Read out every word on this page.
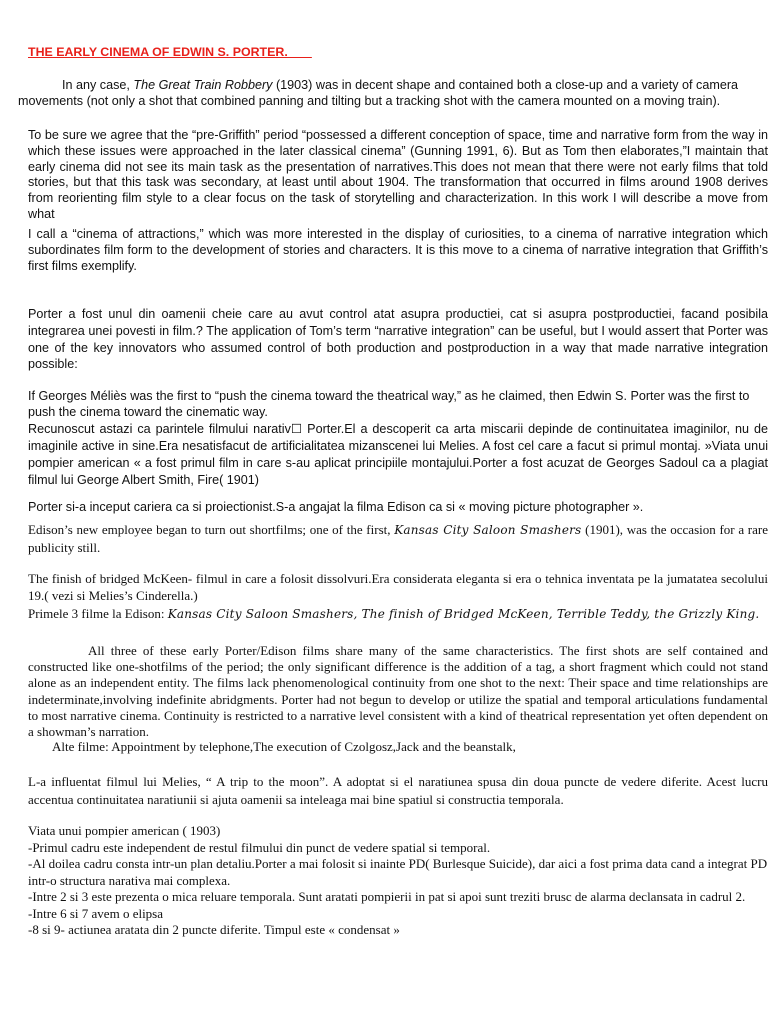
THE EARLY CINEMA OF EDWIN S. PORTER.

In any case, The Great Train Robbery (1903) was in decent shape and contained both a close-up and a variety of camera movements (not only a shot that combined panning and tilting but a tracking shot with the camera mounted on a moving train).

To be sure we agree that the “pre-Griffith” period “possessed a different conception of space, time and narrative form from the way in which these issues were approached in the later classical cinema” (Gunning 1991, 6). But as Tom then elaborates,”I maintain that early cinema did not see its main task as the presentation of narratives.This does not mean that there were not early films that told stories, but that this task was secondary, at least until about 1904. The transformation that occurred in films around 1908 derives from reorienting film style to a clear focus on the task of storytelling and characterization. In this work I will describe a move from what

I call a “cinema of attractions,” which was more interested in the display of curiosities, to a cinema of narrative integration which subordinates film form to the development of stories and characters. It is this move to a cinema of narrative integration that Griffith’s first films exemplify.

Porter a fost unul din oamenii cheie care au avut control atat asupra productiei, cat si asupra postproductiei, facand posibila integrarea unei povesti in film.? The application of Tom’s term “narrative integration” can be useful, but I would assert that Porter was one of the key innovators who assumed control of both production and postproduction in a way that made narrative integration possible:

If Georges Méliès was the first to “push the cinema toward the theatrical way,” as he claimed, then Edwin S. Porter was the first to push the cinema toward the cinematic way.

Recunoscut astazi ca parintele filmului narativ☐ Porter.El a descoperit ca arta miscarii depinde de continuitatea imaginilor, nu de imaginile active in sine.Era nesatisfacut de artificialitatea mizanscenei lui Melies. A fost cel care a facut si primul montaj. »Viata unui pompier american « a fost primul film in care s-au aplicat principiile montajului.Porter a fost acuzat de Georges Sadoul ca a plagiat filmul lui George Albert Smith, Fire( 1901)

Porter si-a inceput cariera ca si proiectionist.S-a angajat la filma Edison ca si « moving picture photographer ».

Edison’s new employee began to turn out shortfilms; one of the first, Kansas City Saloon Smashers (1901), was the occasion for a rare publicity still.

The finish of bridged McKeen- filmul in care a folosit dissolvuri.Era considerata eleganta si era o tehnica inventata pe la jumatatea secolului 19.( vezi si Melies’s Cinderella.)

Primele 3 filme la Edison: Kansas City Saloon Smashers, The finish of Bridged McKeen, Terrible Teddy, the Grizzly King.

All three of these early Porter/Edison films share many of the same characteristics. The first shots are self contained and constructed like one-shotfilms of the period; the only significant difference is the addition of a tag, a short fragment which could not stand alone as an independent entity. The films lack phenomenological continuity from one shot to the next: Their space and time relationships are indeterminate,involving indefinite abridgments. Porter had not begun to develop or utilize the spatial and temporal articulations fundamental to most narrative cinema. Continuity is restricted to a narrative level consistent with a kind of theatrical representation yet often dependent on a showman’s narration.

Alte filme: Appointment by telephone,The execution of Czolgosz,Jack and the beanstalk,

L-a influentat filmul lui Melies, “ A trip to the moon”. A adoptat si el naratiunea spusa din doua puncte de vedere diferite. Acest lucru accentua continuitatea naratiunii si ajuta oamenii sa inteleaga mai bine spatiul si constructia temporala.

Viata unui pompier american ( 1903)
-Primul cadru este independent de restul filmului din punct de vedere spatial si temporal.
-Al doilea cadru consta intr-un plan detaliu.Porter a mai folosit si inainte PD( Burlesque Suicide), dar aici a fost prima data cand a integrat PD intr-o structura narativa mai complexa.
-Intre 2 si 3 este prezenta o mica reluare temporala. Sunt aratati pompierii in pat si apoi sunt treziti brusc de alarma declansata in cadrul 2.
-Intre 6 si 7 avem o elipsa
-8 si 9- actiunea aratata din 2 puncte diferite. Timpul este « condensat »
